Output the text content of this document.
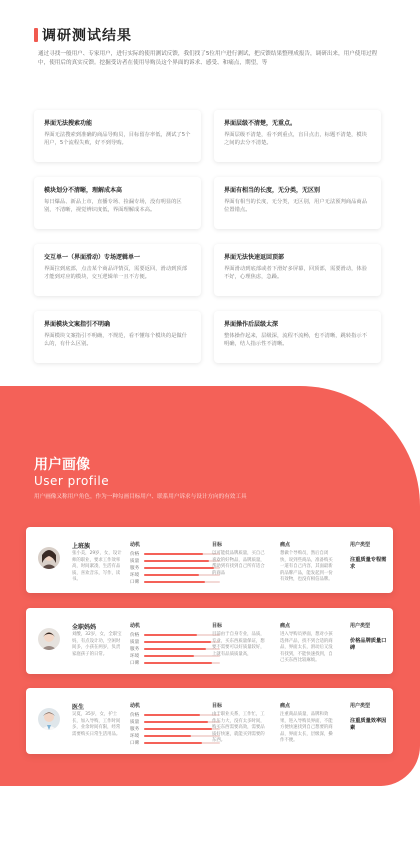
调研测试结果
通过寻找一般用户、专家用户，进行实际的使用测试反馈，我们找了5位用户进行测试，把反馈结果整理成报告，调研出来，用户使用过程中，使用后的真实反馈。挖掘受访者在使用导购员这个界面的诉求、感受、和痛点，期望，等
界面无法搜索功能

界面无法搜索到准确的商品导购员，目标留存率低，测试了5个用户，5个流程失败，好不到导购。

界面层级不清楚，无重点。

界面层级不清楚，看不到重点，盲目点击，标题不清楚，模块之间的去分不清楚。

模块划分不清晰，理解成本高

每日爆品、新品上市，直播专场、捡漏专场，没有明显的区别，不清晰，视觉辨识度低，界面理解成本高。

界面有相当的长度，无分类，无区别

界面有相当的长度，无分类，无区别，用户无法预判商品商品位置错点。

交互单一（界面滑动）专场逻辑单一

界面拉到底部，点击某个商品详情页，需要返回，滑动到顶部才能到对应的模块，交互逻辑单一且不方便。

界面无法快速返回顶部

界面滑动到底部或者下滑好多屏幕，回顶部，需要滑动，体验不好，心理焦虑，急躁。

界面模块文案指引不明确

界面模块文案指引不明确，不规范，看不懂每个模块的是做什么的，有什么区别。

界面操作后层级太深

整体操作起来，层级深，流程不流畅，也不清晰，跳转指示不明确，结人指示性不清晰。

用户画像
User profile
用户画像又称用户角色，作为一种勾画目标用户、联系用户诉求与设计方向的有效工具
上班族
张小美，29岁，女，设计师的职业，要求工作效率高，时间紧凑，生活有品质，喜欢音乐，写作，读书。
动机
价格
质量
服务
环境
口碑
目标
以可能低品牌质量，买自己喜欢的好物品，品牌质量，帮助到有找到自己所有适合的商品
痛点
想做个导购员，然后自闭快，说到些商品，准备购买一道有自己内容，其面最新的品牌产品，能发起到一份有效物，也没有相信品牌。
用户类型
注重质量专程需求
全职妈妈
刘酸，32岁，女，全职宝妈，有点设计功，空闲时间多，小孩在两岁，负责家庭孩子的日常。
动机
价格
质量
服务
环境
口碑
目标
目前由于自身专业，品质，专业，买东西质量保证，想要不需要可以好质量较好，上就有品质质量高，
痛点
进入导购员界面，想对小孩选择产品，找不到合适的商品，界面太长，滑动后又没有找到，不能快速找到，自己买东西比较麻烦。
用户类型
价格品牌质量口碑
医生
吴夏，35岁，女，护士长，加入导购，工作时间多，业余时间有限，经常需要购买日常生活用品。
动机
价格
质量
服务
环境
口碑
目标
由于职业关系，工作忙，工作压力大，没有太多时间，购买东西需要高效，需要品质好快速，就能买到需要的东西。
痛点
注重商品质量，品牌和效果，进入导购员界面，不能方便快速找到自己想要的商品，界面太长，层级深，操作不便。
用户类型
注重质量效率因素
